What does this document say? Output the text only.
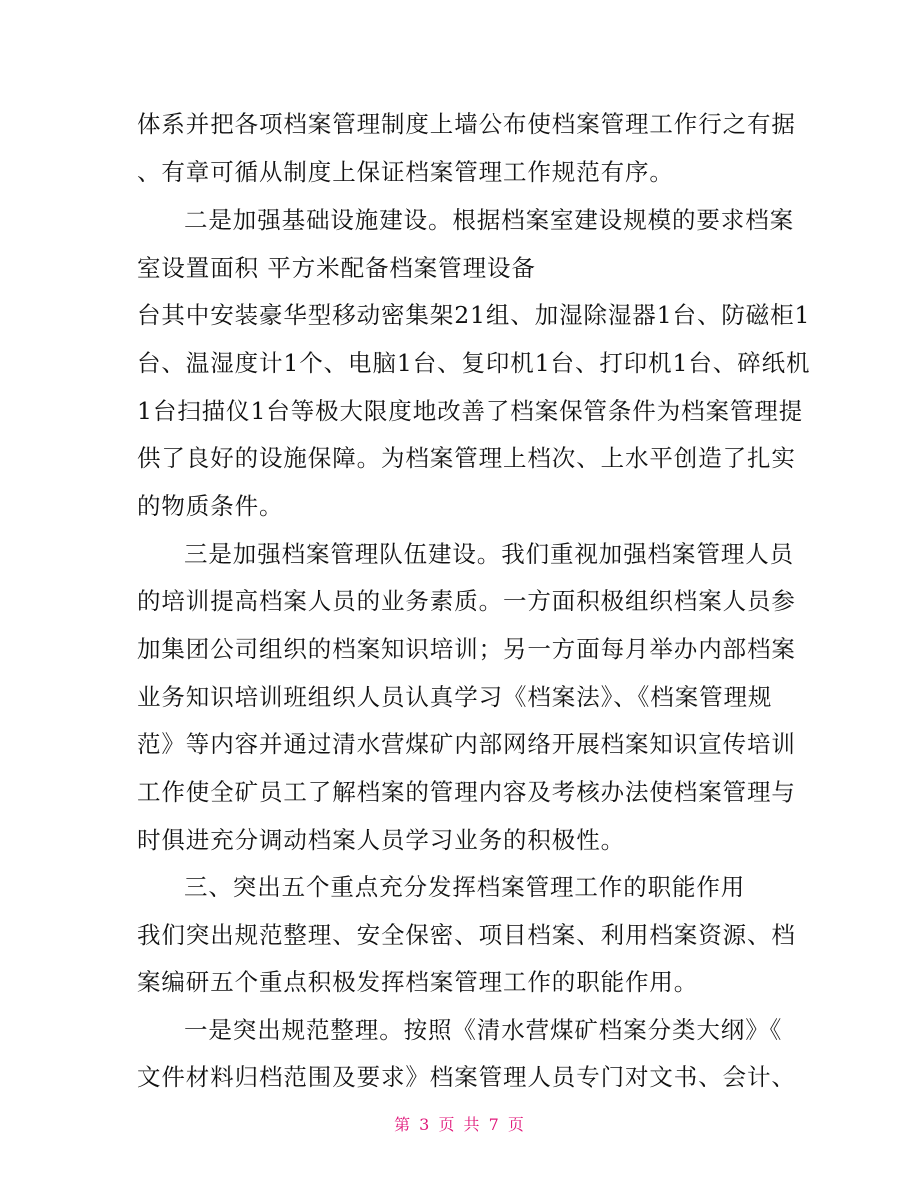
体系并把各项档案管理制度上墙公布使档案管理工作行之有据
、有章可循从制度上保证档案管理工作规范有序。
二是加强基础设施建设。根据档案室建设规模的要求档案
室设置面积 平方米配备档案管理设备
台其中安装豪华型移动密集架21组、加湿除湿器1台、防磁柜1
台、温湿度计1个、电脑1台、复印机1台、打印机1台、碎纸机
1台扫描仪1台等极大限度地改善了档案保管条件为档案管理提
供了良好的设施保障。为档案管理上档次、上水平创造了扎实
的物质条件。
三是加强档案管理队伍建设。我们重视加强档案管理人员
的培训提高档案人员的业务素质。一方面积极组织档案人员参
加集团公司组织的档案知识培训；另一方面每月举办内部档案
业务知识培训班组织人员认真学习《档案法》、《档案管理规
范》等内容并通过清水营煤矿内部网络开展档案知识宣传培训
工作使全矿员工了解档案的管理内容及考核办法使档案管理与
时俱进充分调动档案人员学习业务的积极性。
三、突出五个重点充分发挥档案管理工作的职能作用
我们突出规范整理、安全保密、项目档案、利用档案资源、档
案编研五个重点积极发挥档案管理工作的职能作用。
一是突出规范整理。按照《清水营煤矿档案分类大纲》《
文件材料归档范围及要求》档案管理人员专门对文书、会计、
第 3 页 共 7 页
